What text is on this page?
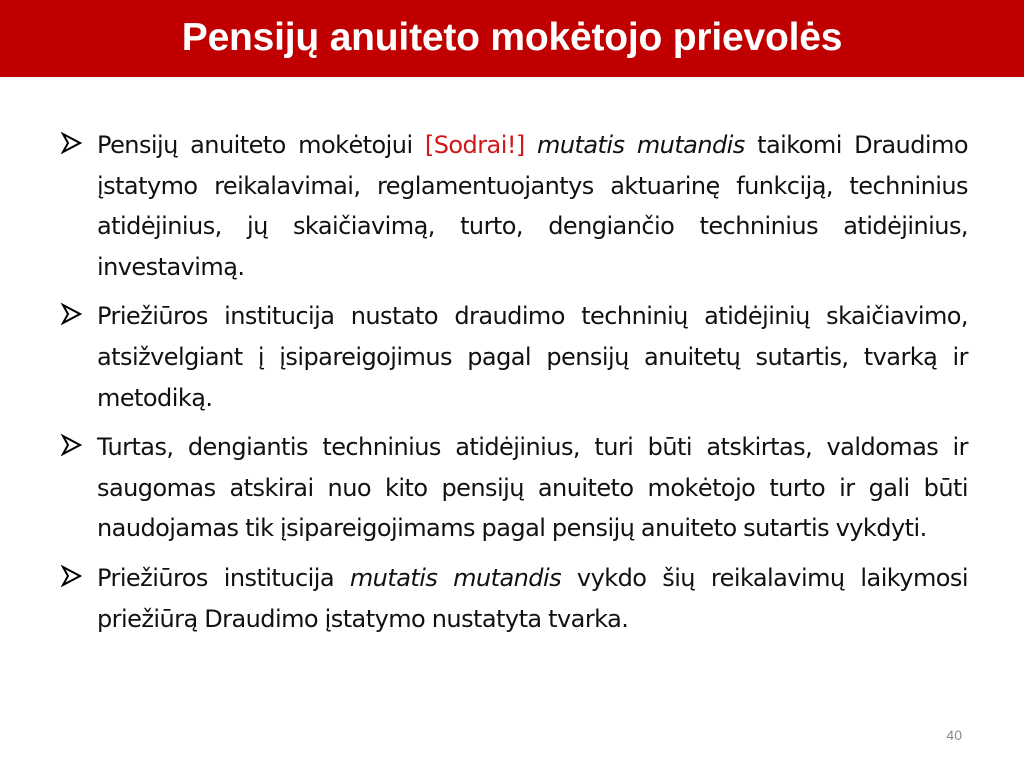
Pensijų anuiteto mokėtojo prievolės
Pensijų anuiteto mokėtojui [Sodrai!] mutatis mutandis taikomi Draudimo įstatymo reikalavimai, reglamentuojantys aktuarinę funkciją, techninius atidėjinius, jų skaičiavimą, turto, dengiančio techninius atidėjinius, investavimą.
Priežiūros institucija nustato draudimo techninių atidėjinių skaičiavimo, atsižvelgiant į įsipareigojimus pagal pensijų anuitetų sutartis, tvarką ir metodiką.
Turtas, dengiantis techninius atidėjinius, turi būti atskirtas, valdomas ir saugomas atskirai nuo kito pensijų anuiteto mokėtojo turto ir gali būti naudojamas tik įsipareigojimams pagal pensijų anuiteto sutartis vykdyti.
Priežiūros institucija mutatis mutandis vykdo šių reikalavimų laikymosi priežiūrą Draudimo įstatymo nustatyta tvarka.
40
